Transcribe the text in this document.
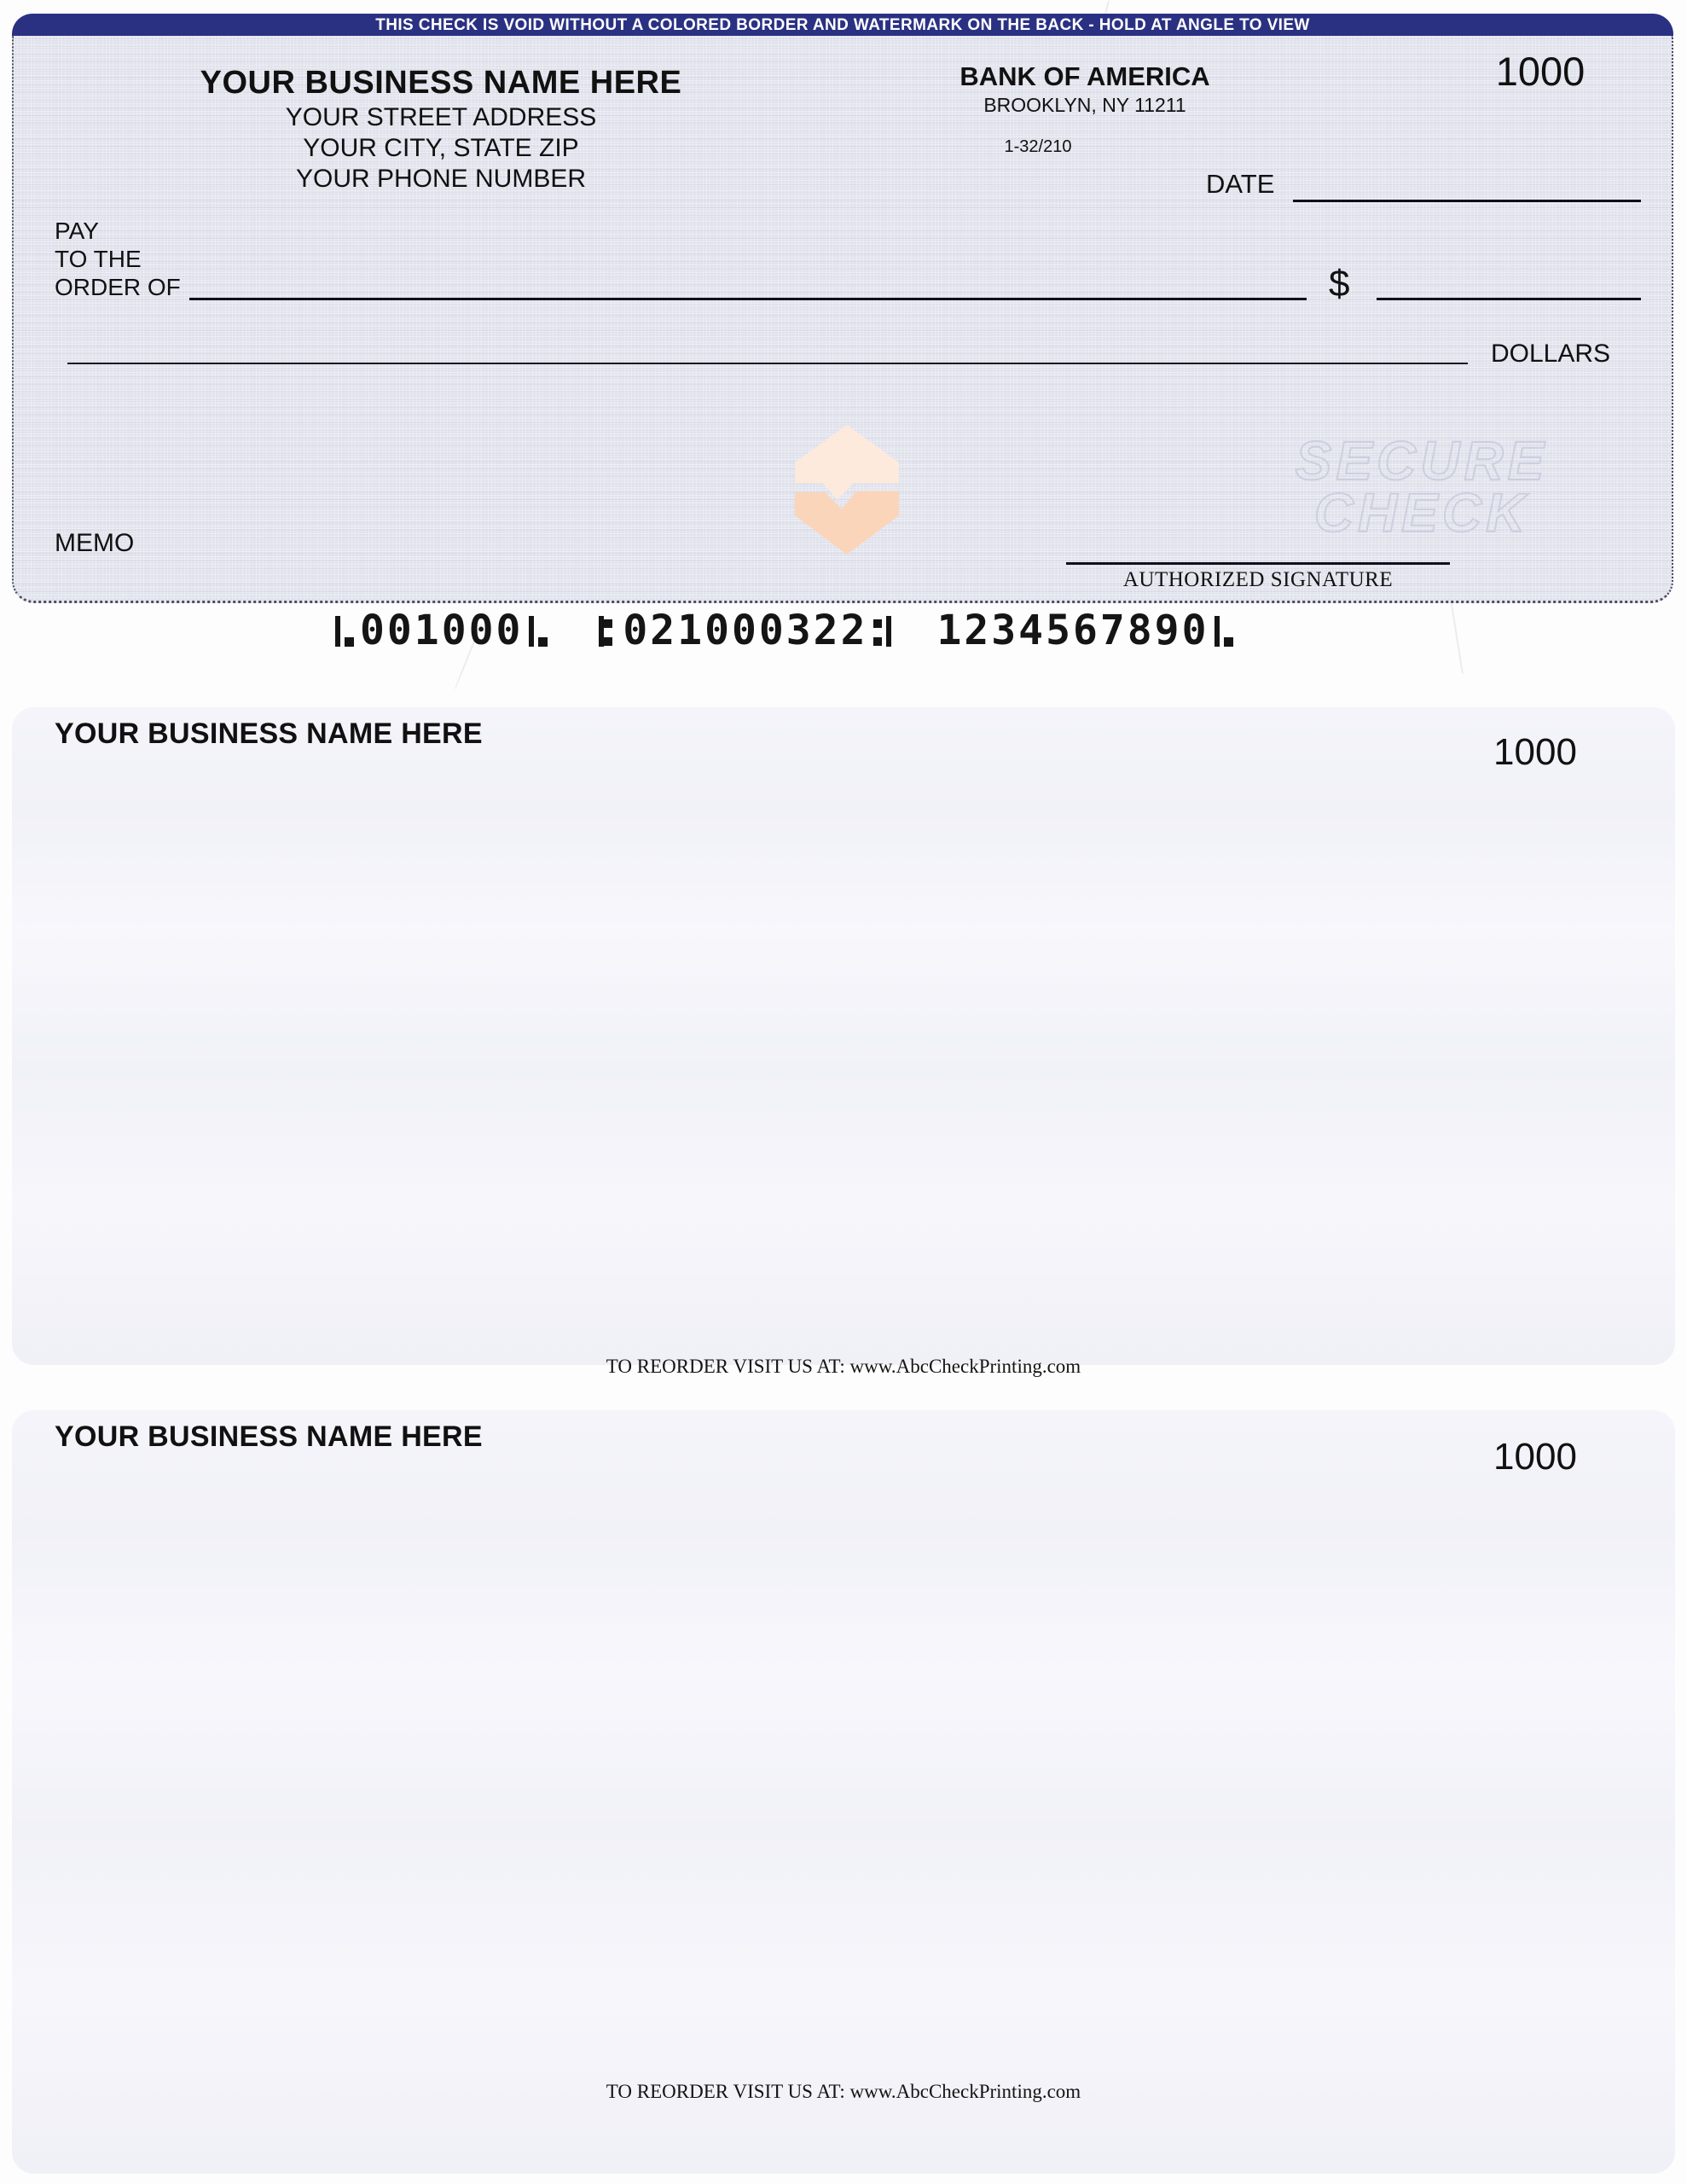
THIS CHECK IS VOID WITHOUT A COLORED BORDER AND WATERMARK ON THE BACK - HOLD AT ANGLE TO VIEW
YOUR BUSINESS NAME HERE
YOUR STREET ADDRESS
YOUR CITY, STATE ZIP
YOUR PHONE NUMBER
BANK OF AMERICA
BROOKLYN, NY 11211
1-32/210
1000
DATE
PAY
TO THE
ORDER OF	$
DOLLARS
SECURE
CHECK
MEMO
AUTHORIZED SIGNATURE
001000 021000322 1234567890
YOUR BUSINESS NAME HERE	1000
TO REORDER VISIT US AT: www.AbcCheckPrinting.com
YOUR BUSINESS NAME HERE	1000
TO REORDER VISIT US AT: www.AbcCheckPrinting.com
